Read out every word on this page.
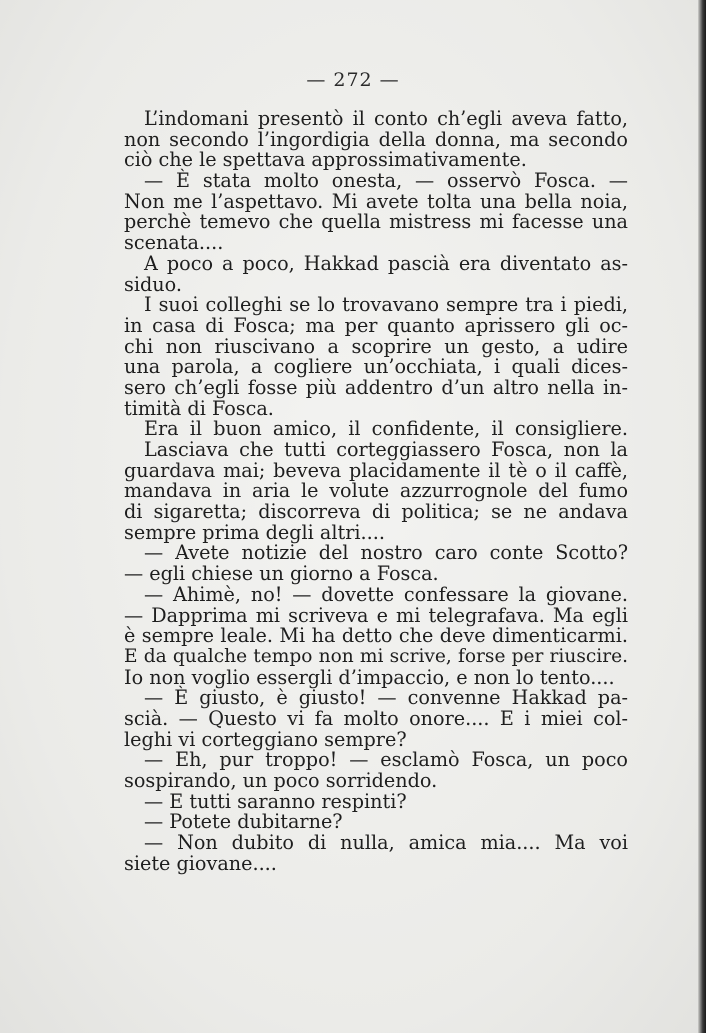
— 272 —
L’indomani presentò il conto ch’egli aveva fatto,
non secondo l’ingordigia della donna, ma secondo
ciò che le spettava approssimativamente.
— È stata molto onesta, — osservò Fosca. —
Non me l’aspettavo. Mi avete tolta una bella noia,
perchè temevo che quella mistress mi facesse una
scenata....
A poco a poco, Hakkad pascià era diventato as-
siduo.
I suoi colleghi se lo trovavano sempre tra i piedi,
in casa di Fosca; ma per quanto aprissero gli oc-
chi non riuscivano a scoprire un gesto, a udire
una parola, a cogliere un’occhiata, i quali dices-
sero ch’egli fosse più addentro d’un altro nella in-
timità di Fosca.
Era il buon amico, il confidente, il consigliere.
Lasciava che tutti corteggiassero Fosca, non la
guardava mai; beveva placidamente il tè o il caffè,
mandava in aria le volute azzurrognole del fumo
di sigaretta; discorreva di politica; se ne andava
sempre prima degli altri....
— Avete notizie del nostro caro conte Scotto?
— egli chiese un giorno a Fosca.
— Ahimè, no! — dovette confessare la giovane.
— Dapprima mi scriveva e mi telegrafava. Ma egli
è sempre leale. Mi ha detto che deve dimenticarmi.
E da qualche tempo non mi scrive, forse per riuscire.
Io non voglio essergli d’impaccio, e non lo tento....
— È giusto, è giusto! — convenne Hakkad pa-
scià. — Questo vi fa molto onore.... E i miei col-
leghi vi corteggiano sempre?
— Eh, pur troppo! — esclamò Fosca, un poco
sospirando, un poco sorridendo.
— E tutti saranno respinti?
— Potete dubitarne?
— Non dubito di nulla, amica mia.... Ma voi
siete giovane....
